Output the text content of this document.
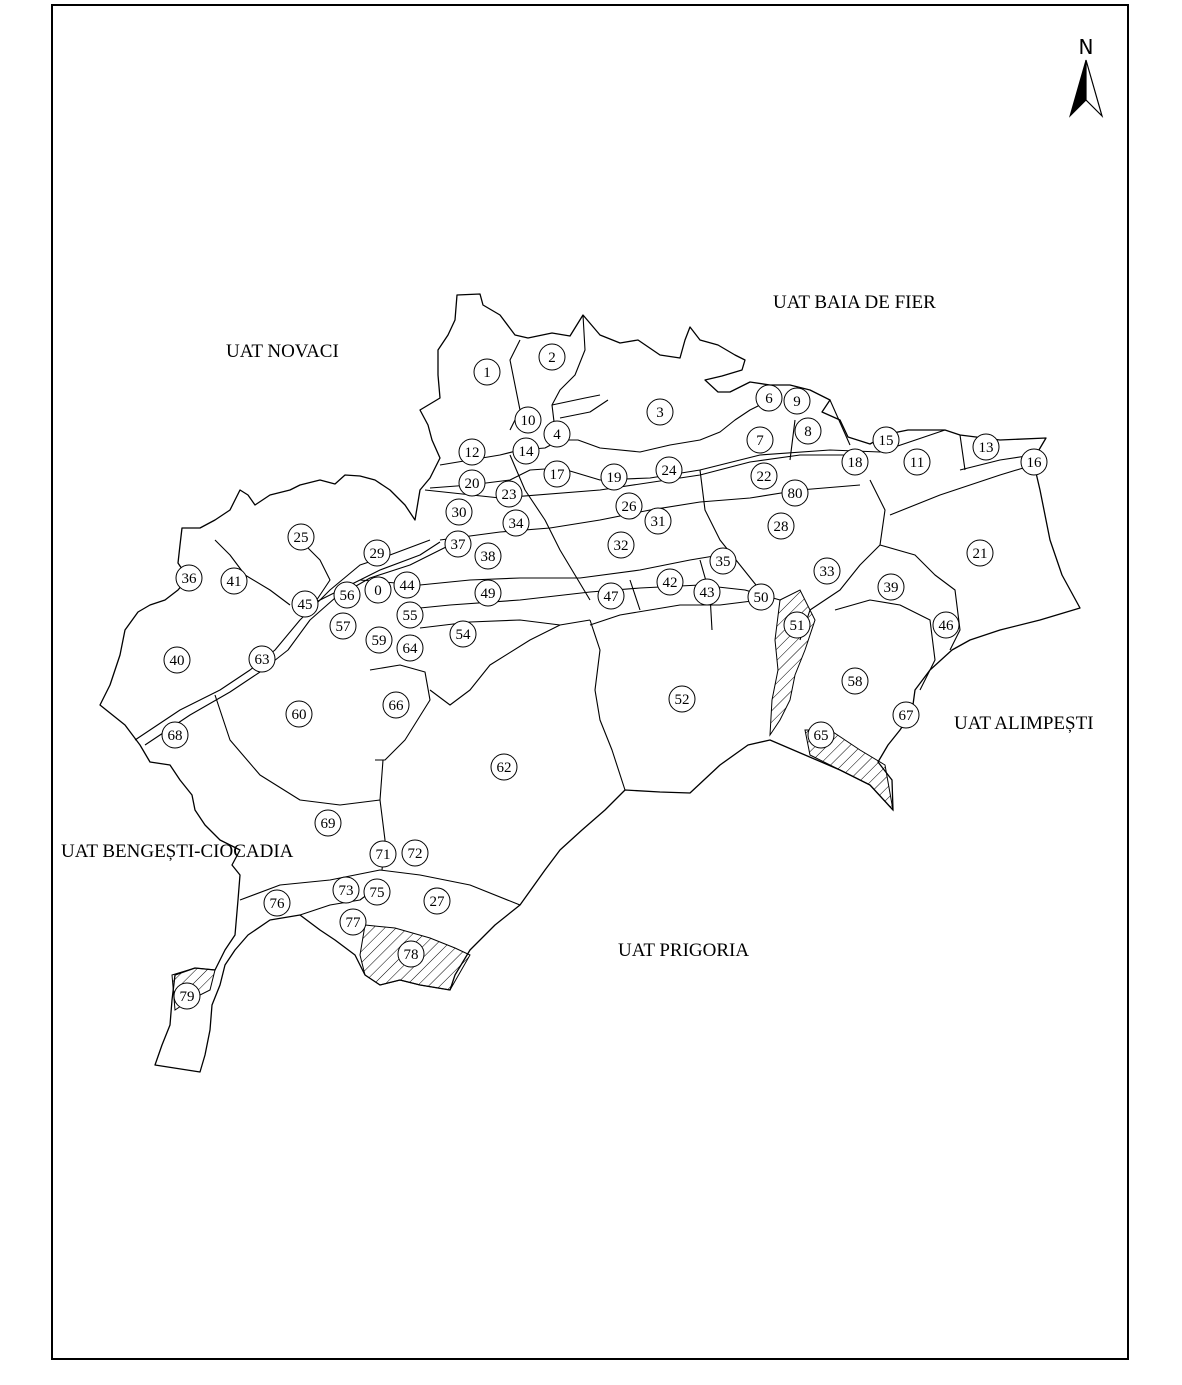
N
UAT NOVACI
UAT BAIA DE FIER
UAT ALIMPEȘTI
UAT BENGEȘTI-CIOCADIA
UAT PRIGORIA
0
1
2
3
4
6
7
8
9
10
11
12	13
14
15
16
17
18
19
20
21
22
23
24
25
26
27
28
29
30
31
32
33
34
35
36
37
38
39
40
41	42
43
44
45
46
47
49	50
51
52
54
55
56
57
58
59
60
62
63
64
65
66
67
68
69
71 72
73 75
76
77
78
79
80
